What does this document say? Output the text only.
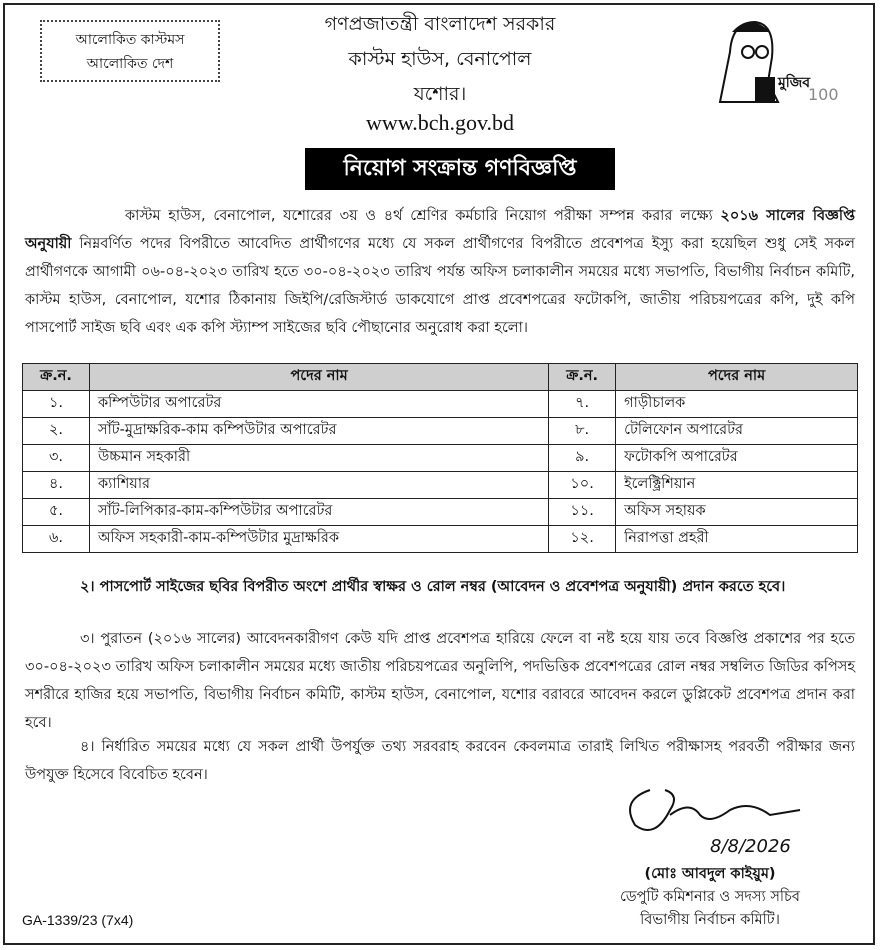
আলোকিত কাস্টমস
আলোকিত দেশ
গণপ্রজাতন্ত্রী বাংলাদেশ সরকার
কাস্টম হাউস, বেনাপোল
যশোর।
www.bch.gov.bd
মুজিব
100
নিয়োগ সংক্রান্ত গণবিজ্ঞপ্তি
কাস্টম হাউস, বেনাপোল, যশোরের ৩য় ও ৪র্থ শ্রেণির কর্মচারি নিয়োগ পরীক্ষা সম্পন্ন করার লক্ষ্যে ২০১৬ সালের বিজ্ঞপ্তি অনুযায়ী নিম্নবর্ণিত পদের বিপরীতে আবেদিত প্রার্থীগণের মধ্যে যে সকল প্রার্থীগণের বিপরীতে প্রবেশপত্র ইস্যু করা হয়েছিল শুধু সেই সকল প্রার্থীগণকে আগামী ০৬-০৪-২০২৩ তারিখ হতে ৩০-০৪-২০২৩ তারিখ পর্যন্ত অফিস চলাকালীন সময়ের মধ্যে সভাপতি, বিভাগীয় নির্বাচন কমিটি, কাস্টম হাউস, বেনাপোল, যশোর ঠিকানায় জিইপি/রেজিস্টার্ড ডাকযোগে প্রাপ্ত প্রবেশপত্রের ফটোকপি, জাতীয় পরিচয়পত্রের কপি, দুই কপি পাসপোর্ট সাইজ ছবি এবং এক কপি স্ট্যাম্প সাইজের ছবি পৌছানোর অনুরোধ করা হলো।
ক্র.ন.	পদের নাম	ক্র.ন.	পদের নাম
১.	কম্পিউটার অপারেটর	৭.	গাড়ীচালক
২.	সাঁট-মুদ্রাক্ষরিক-কাম কম্পিউটার অপারেটর	৮.	টেলিফোন অপারেটর
৩.	উচ্চমান সহকারী	৯.	ফটোকপি অপারেটর
৪.	ক্যাশিয়ার	১০.	ইলেক্ট্রিশিয়ান
৫.	সাঁট-লিপিকার-কাম-কম্পিউটার অপারেটর	১১.	অফিস সহায়ক
৬.	অফিস সহকারী-কাম-কম্পিউটার মুদ্রাক্ষরিক	১২.	নিরাপত্তা প্রহরী
২। পাসপোর্ট সাইজের ছবির বিপরীত অংশে প্রার্থীর স্বাক্ষর ও রোল নম্বর (আবেদন ও প্রবেশপত্র অনুযায়ী) প্রদান করতে হবে।
৩। পুরাতন (২০১৬ সালের) আবেদনকারীগণ কেউ যদি প্রাপ্ত প্রবেশপত্র হারিয়ে ফেলে বা নষ্ট হয়ে যায় তবে বিজ্ঞপ্তি প্রকাশের পর হতে ৩০-০৪-২০২৩ তারিখ অফিস চলাকালীন সময়ের মধ্যে জাতীয় পরিচয়পত্রের অনুলিপি, পদভিত্তিক প্রবেশপত্রের রোল নম্বর সম্বলিত জিডির কপিসহ সশরীরে হাজির হয়ে সভাপতি, বিভাগীয় নির্বাচন কমিটি, কাস্টম হাউস, বেনাপোল, যশোর বরাবরে আবেদন করলে ডুপ্লিকেট প্রবেশপত্র প্রদান করা হবে।
৪। নির্ধারিত সময়ের মধ্যে যে সকল প্রার্থী উপর্যুক্ত তথ্য সরবরাহ করবেন কেবলমাত্র তারাই লিখিত পরীক্ষাসহ পরবর্তী পরীক্ষার জন্য উপযুক্ত হিসেবে বিবেচিত হবেন।
8/8/2026
(মোঃ আবদুল কাইয়ুম)
ডেপুটি কমিশনার ও সদস্য সচিব
বিভাগীয় নির্বাচন কমিটি।
GA-1339/23 (7x4)
